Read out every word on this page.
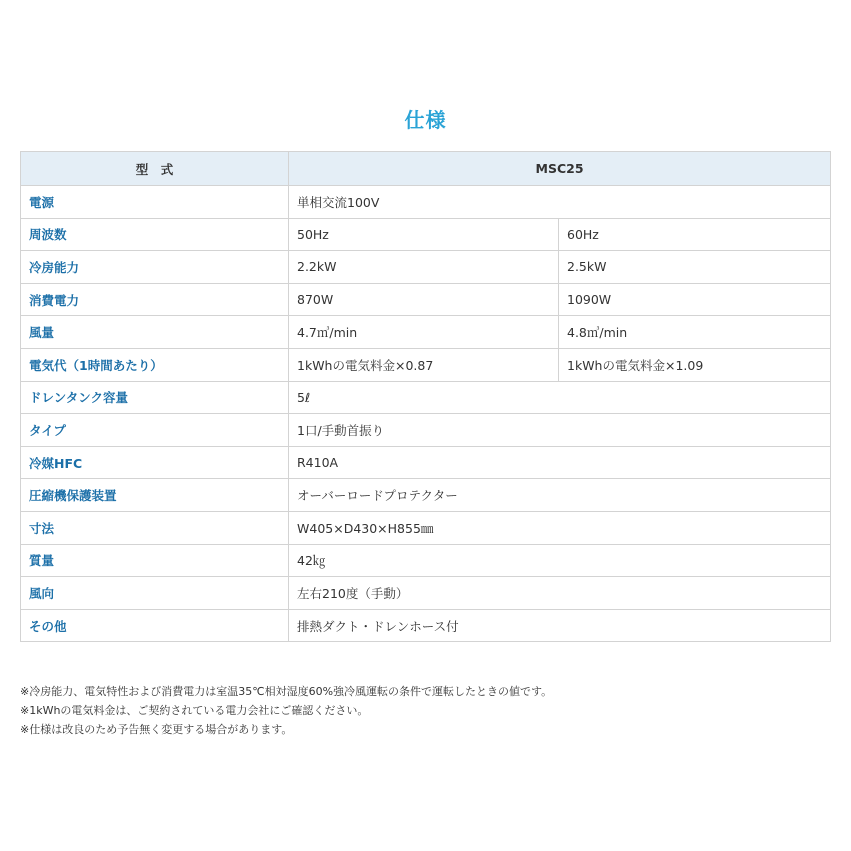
仕様
型　式	MSC25	
電源	単相交流100V	
周波数	50Hz	60Hz
冷房能力	2.2kW	2.5kW
消費電力	870W	1090W
風量	4.7㎥/min	4.8㎥/min
電気代（1時間あたり）	1kWhの電気料金×0.87	1kWhの電気料金×1.09
ドレンタンク容量	5ℓ	
タイプ	1口/手動首振り	
冷媒HFC	R410A	
圧縮機保護装置	オーバーロードプロテクター	
寸法	W405×D430×H855㎜	
質量	42㎏	
風向	左右210度（手動）	
その他	排熱ダクト・ドレンホース付	

※冷房能力、電気特性および消費電力は室温35℃相対湿度60%強冷風運転の条件で運転したときの値です。

※1kWhの電気料金は、ご契約されている電力会社にご確認ください。

※仕様は改良のため予告無く変更する場合があります。
